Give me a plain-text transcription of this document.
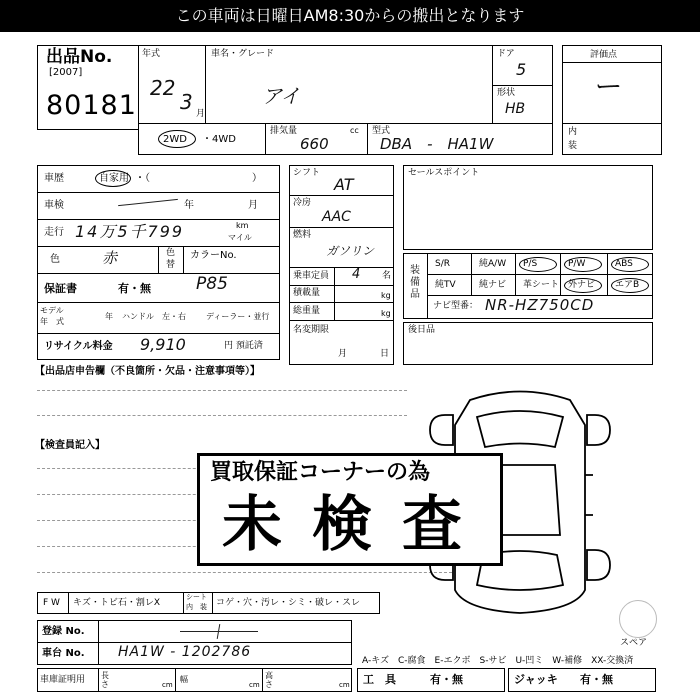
この車両は日曜日AM8:30からの搬出となります
出品No.
[2007]
80181
年式
22
3 月
車名・グレード
アイ
ドア
5
形状
HB
評価点
ー
内
装
2WD ・4WD
排気量	cc
660
型式
DBA　-　HA1W
車歴	自家用 ・（	）
車検	年	月
走行 14万5千799	km
マイル
色	赤	色
替
カラーNo.
保証書	有・無	P85
モデル
年　式
年 ハンドル　左・右	ディーラー・並行
リサイクル料金 9,910	円 預託済
シフト
AT
冷房
AAC
燃料
ガソリン
乗車定員 4 名
積載量	kg
総重量	kg
名変期限
月	日
セールスポイント
装備品
S/R	純A/W P/S	P/W	ABS
純TV	純ナビ 革シート 外ナビ エアB
ナビ型番： NR-HZ750CD
後日品
【出品店申告欄（不良箇所・欠品・注意事項等）】
【検査員記入】
スペア
買取保証コーナーの為
未検査
F W キズ・トビ石・割レX
シート
内　装 コゲ・穴・汚レ・シミ・破レ・スレ
登録 No.
車台 No. HA1W - 1202786
車庫証明用 長さ	cm
幅
cm
高さ	cm
A-キズ　C-腐食　E-エクボ　S-サビ　U-凹ミ　W-補修　XX-交換済
工　具	有・無	ジャッキ 有・無
